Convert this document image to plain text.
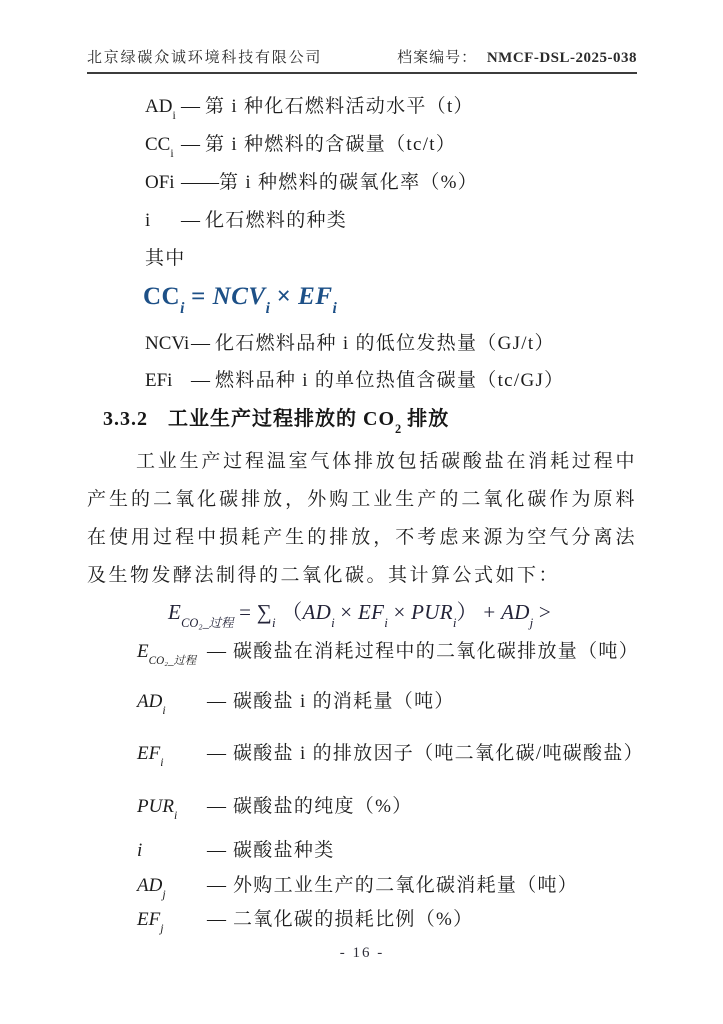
北京绿碳众诚环境科技有限公司	档案编号： NMCF-DSL-2025-038
$AD_i$ — 第 i 种化石燃料活动水平（t）
$CC_i$ — 第 i 种燃料的含碳量（tc/t）
OFi —— 第 i 种燃料的碳氧化率（%）
i	— 化石燃料的种类
其中
$CC_i = NCV_i \times EF_i$
NCVi — 化石燃料品种 i 的低位发热量（GJ/t）
EFi — 燃料品种 i 的单位热值含碳量（tc/GJ）
3.3.2 工业生产过程排放的 $CO_2$ 排放
工业生产过程温室气体排放包括碳酸盐在消耗过程中产生的二氧化碳排放，外购工业生产的二氧化碳作为原料在使用过程中损耗产生的排放，不考虑来源为空气分离法及生物发酵法制得的二氧化碳。其计算公式如下：
$E_{CO_2\_过程} = \sum_i$ $(AD_i \times EF_i \times PUR_i) + AD_j$ >
$E_{CO_2\_过程}$ — 碳酸盐在消耗过程中的二氧化碳排放量（吨）
$AD_i$	— 碳酸盐 i 的消耗量（吨）
$EF_i$	— 碳酸盐 i 的排放因子（吨二氧化碳/吨碳酸盐）
$PUR_i$	— 碳酸盐的纯度（%）
i	— 碳酸盐种类
$AD_j$	— 外购工业生产的二氧化碳消耗量（吨）
$EF_j$	— 二氧化碳的损耗比例（%）
- 16 -
